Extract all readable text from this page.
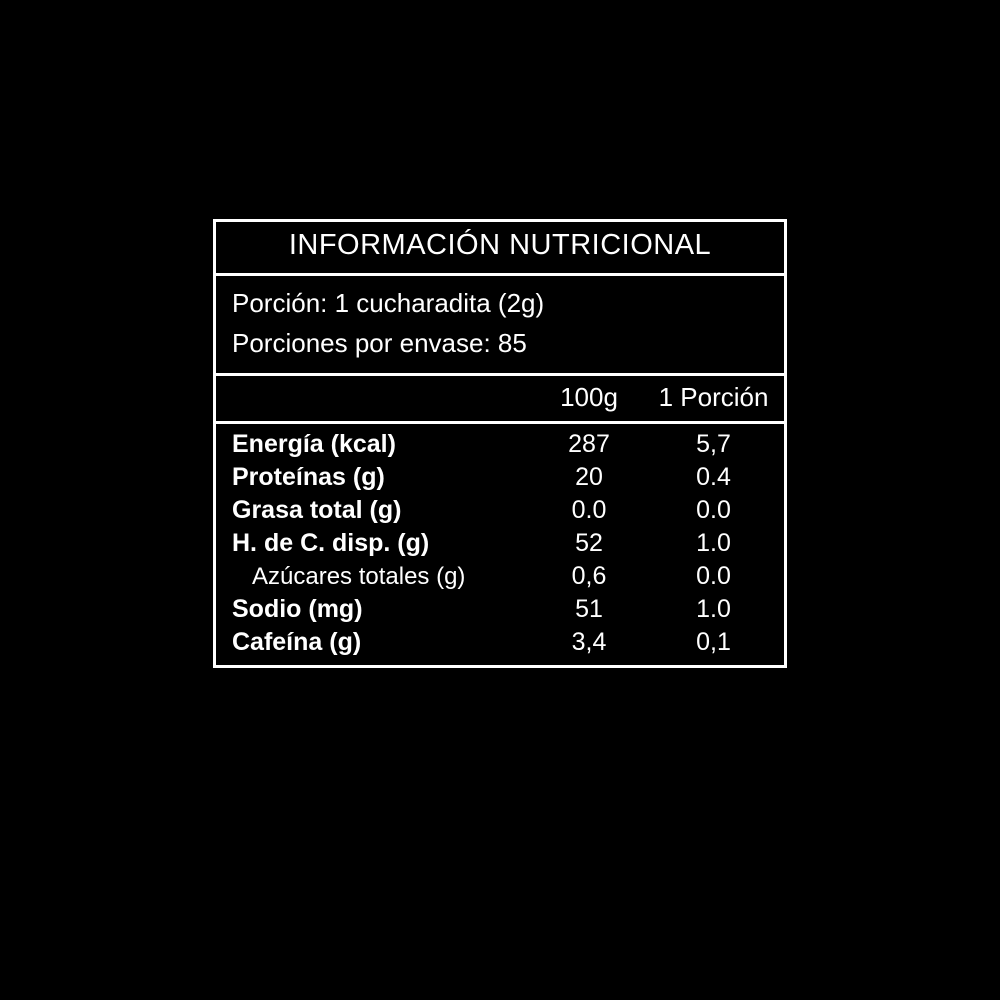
INFORMACIÓN NUTRICIONAL
Porción: 1 cucharadita (2g)
Porciones por envase: 85
100g	1 Porción
Energía (kcal)	287	5,7
Proteínas (g)	20	0.4
Grasa total (g)	0.0	0.0
H. de C. disp. (g)	52	1.0
Azúcares totales (g)	0,6	0.0
Sodio (mg)	51	1.0
Cafeína (g)	3,4	0,1
